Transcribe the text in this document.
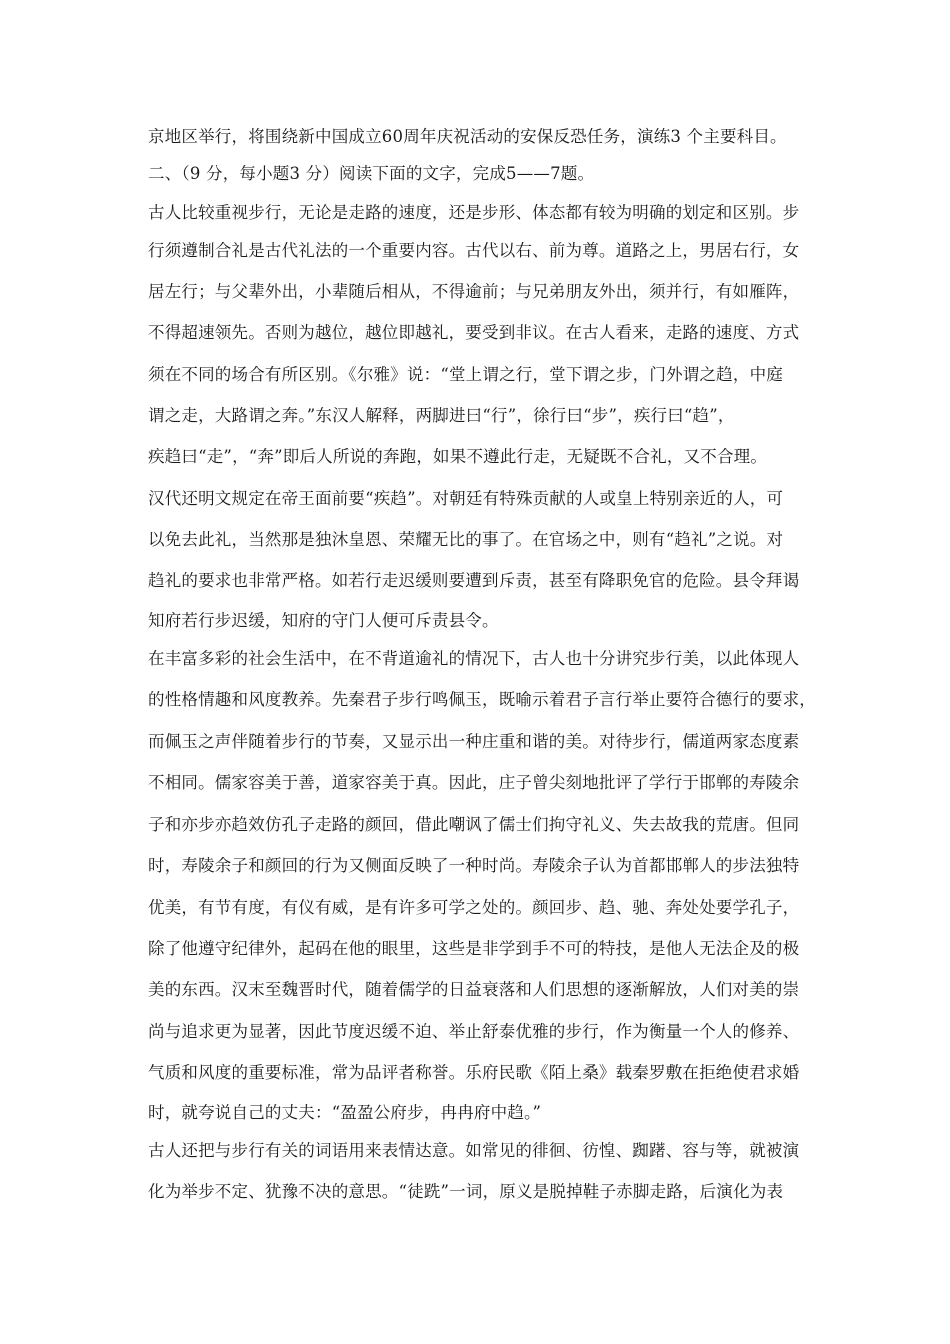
京地区举行，将围绕新中国成立60周年庆祝活动的安保反恐任务，演练3 个主要科目。
二、（9 分，每小题3 分）阅读下面的文字，完成5——7题。
古人比较重视步行，无论是走路的速度，还是步形、体态都有较为明确的划定和区别。步
行须遵制合礼是古代礼法的一个重要内容。古代以右、前为尊。道路之上，男居右行，女
居左行；与父辈外出，小辈随后相从，不得逾前；与兄弟朋友外出，须并行，有如雁阵，
不得超速领先。否则为越位，越位即越礼，要受到非议。在古人看来，走路的速度、方式
须在不同的场合有所区别。《尔雅》说：“堂上谓之行，堂下谓之步，门外谓之趋，中庭
谓之走，大路谓之奔。”东汉人解释，两脚进曰“行”，徐行曰“步”，疾行曰“趋”，
疾趋曰“走”，“奔”即后人所说的奔跑，如果不遵此行走，无疑既不合礼，又不合理。
汉代还明文规定在帝王面前要“疾趋”。对朝廷有特殊贡献的人或皇上特别亲近的人，可
以免去此礼，当然那是独沐皇恩、荣耀无比的事了。在官场之中，则有“趋礼”之说。对
趋礼的要求也非常严格。如若行走迟缓则要遭到斥责，甚至有降职免官的危险。县令拜谒
知府若行步迟缓，知府的守门人便可斥责县令。
在丰富多彩的社会生活中，在不背道逾礼的情况下，古人也十分讲究步行美，以此体现人
的性格情趣和风度教养。先秦君子步行鸣佩玉，既喻示着君子言行举止要符合德行的要求，
而佩玉之声伴随着步行的节奏，又显示出一种庄重和谐的美。对待步行，儒道两家态度素
不相同。儒家容美于善，道家容美于真。因此，庄子曾尖刻地批评了学行于邯郸的寿陵余
子和亦步亦趋效仿孔子走路的颜回，借此嘲讽了儒士们拘守礼义、失去故我的荒唐。但同
时，寿陵余子和颜回的行为又侧面反映了一种时尚。寿陵余子认为首都邯郸人的步法独特
优美，有节有度，有仪有威，是有许多可学之处的。颜回步、趋、驰、奔处处要学孔子，
除了他遵守纪律外，起码在他的眼里，这些是非学到手不可的特技，是他人无法企及的极
美的东西。汉末至魏晋时代，随着儒学的日益衰落和人们思想的逐渐解放，人们对美的崇
尚与追求更为显著，因此节度迟缓不迫、举止舒泰优雅的步行，作为衡量一个人的修养、
气质和风度的重要标准，常为品评者称誉。乐府民歌《陌上桑》载秦罗敷在拒绝使君求婚
时，就夸说自己的丈夫：“盈盈公府步，冉冉府中趋。”
古人还把与步行有关的词语用来表情达意。如常见的徘徊、彷惶、踟躇、容与等，就被演
化为举步不定、犹豫不决的意思。“徒跣”一词，原义是脱掉鞋子赤脚走路，后演化为表
